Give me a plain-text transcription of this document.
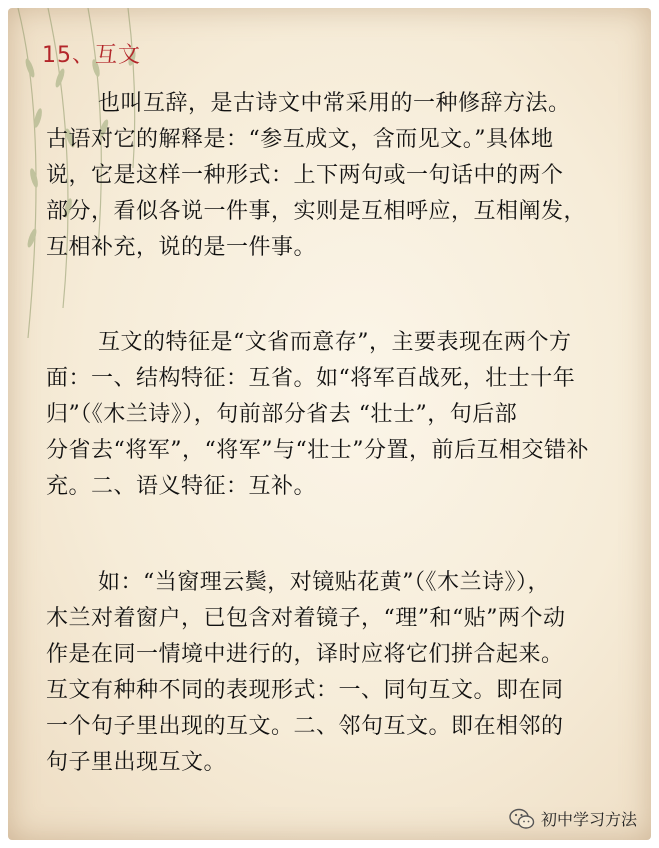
15、互文
也叫互辞，是古诗文中常采用的一种修辞方法。
古语对它的解释是：“参互成文，含而见文。”具体地
说，它是这样一种形式：上下两句或一句话中的两个
部分，看似各说一件事，实则是互相呼应，互相阐发，
互相补充，说的是一件事。
互文的特征是“文省而意存”，主要表现在两个方
面：一、结构特征：互省。如“将军百战死，壮士十年
归”（《木兰诗》），句前部分省去 “壮士”，句后部
分省去“将军”，“将军”与“壮士”分置，前后互相交错补
充。二、语义特征：互补。
如：“当窗理云鬓，对镜贴花黄”（《木兰诗》），
木兰对着窗户，已包含对着镜子，“理”和“贴”两个动
作是在同一情境中进行的，译时应将它们拼合起来。
互文有种种不同的表现形式：一、同句互文。即在同
一个句子里出现的互文。二、邻句互文。即在相邻的
句子里出现互文。
初中学习方法
